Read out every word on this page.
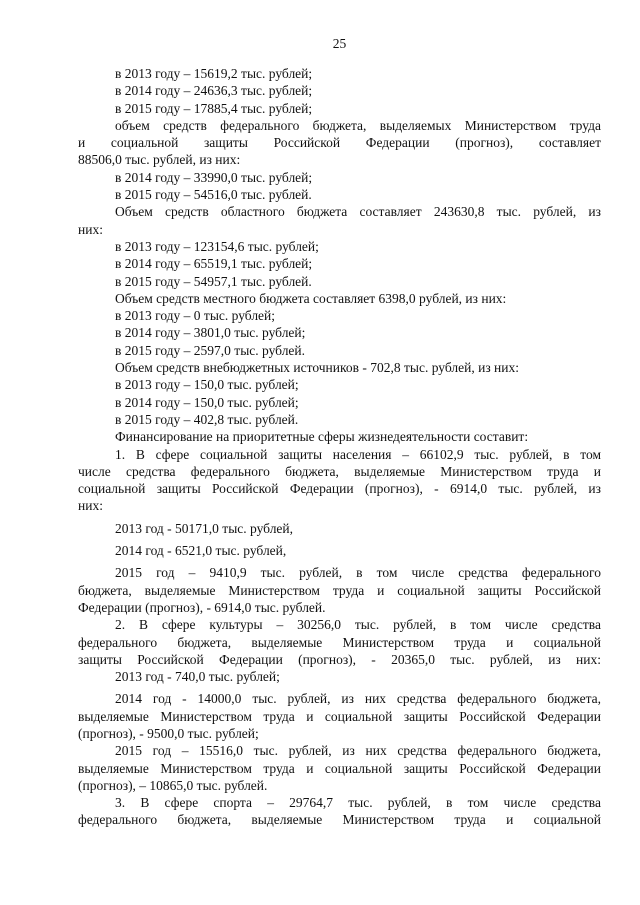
25

в 2013 году – 15619,2 тыс. рублей;

в 2014 году – 24636,3 тыс. рублей;

в 2015 году – 17885,4 тыс. рублей;

объем средств федерального бюджета, выделяемых Министерством труда

и социальной защиты Российской Федерации (прогноз), составляет

88506,0 тыс. рублей, из них:

в 2014 году – 33990,0 тыс. рублей;

в 2015 году – 54516,0 тыс. рублей.

Объем средств областного бюджета составляет 243630,8 тыс. рублей, из

них:

в 2013 году – 123154,6 тыс. рублей;

в 2014 году – 65519,1 тыс. рублей;

в 2015 году – 54957,1 тыс. рублей.

Объем средств местного бюджета составляет 6398,0 рублей, из них:

в 2013 году – 0 тыс. рублей;

в 2014 году – 3801,0 тыс. рублей;

в 2015 году – 2597,0 тыс. рублей.

Объем средств внебюджетных источников - 702,8 тыс. рублей, из них:

в 2013 году – 150,0 тыс. рублей;

в 2014 году – 150,0 тыс. рублей;

в 2015 году – 402,8 тыс. рублей.

Финансирование на приоритетные сферы жизнедеятельности составит:

1. В сфере социальной защиты населения – 66102,9 тыс. рублей, в том

числе средства федерального бюджета, выделяемые Министерством труда и

социальной защиты Российской Федерации (прогноз), - 6914,0 тыс. рублей, из

них:

2013 год - 50171,0 тыс. рублей,

2014 год - 6521,0 тыс. рублей,

2015 год – 9410,9 тыс. рублей, в том числе средства федерального

бюджета, выделяемые Министерством труда и социальной защиты Российской

Федерации (прогноз), - 6914,0 тыс. рублей.

2. В сфере культуры – 30256,0 тыс. рублей, в том числе средства

федерального бюджета, выделяемые Министерством труда и социальной

защиты Российской Федерации (прогноз), - 20365,0 тыс. рублей, из них:

2013 год - 740,0 тыс. рублей;

2014 год - 14000,0 тыс. рублей, из них средства федерального бюджета,

выделяемые Министерством труда и социальной защиты Российской Федерации

(прогноз), - 9500,0 тыс. рублей;

2015 год – 15516,0 тыс. рублей, из них средства федерального бюджета,

выделяемые Министерством труда и социальной защиты Российской Федерации

(прогноз), – 10865,0 тыс. рублей.

3. В сфере спорта – 29764,7 тыс. рублей, в том числе средства

федерального бюджета, выделяемые Министерством труда и социальной
